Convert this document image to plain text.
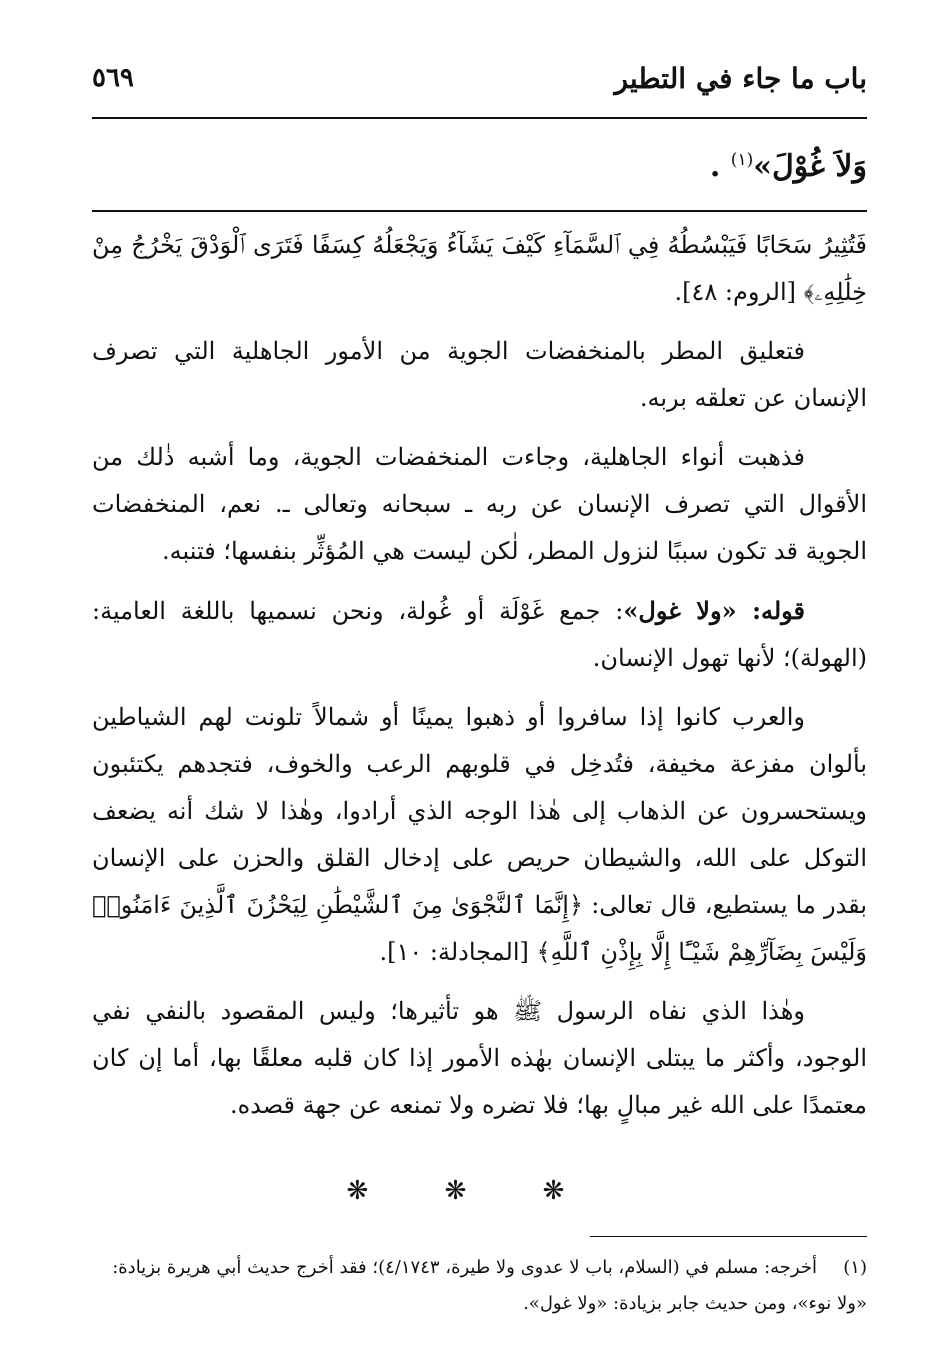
باب ما جاء في التطير
٥٦٩
وَلاَ غُوْلَ»$^{(١)}$ .

فَتُثِيرُ سَحَابًا فَيَبْسُطُهُ فِي ٱلسَّمَآءِ كَيْفَ يَشَآءُ وَيَجْعَلُهُ كِسَفًا فَتَرَى ٱلْوَدْقَ يَخْرُجُ مِنْ خِلَٰلِهِۦ﴾ [الروم: ٤٨].

فتعليق المطر بالمنخفضات الجوية من الأمور الجاهلية التي تصرف الإنسان عن تعلقه بربه.

فذهبت أنواء الجاهلية، وجاءت المنخفضات الجوية، وما أشبه ذٰلك من الأقوال التي تصرف الإنسان عن ربه ـ سبحانه وتعالى ـ. نعم، المنخفضات الجوية قد تكون سببًا لنزول المطر، لٰكن ليست هي المُؤثِّر بنفسها؛ فتنبه.

قوله: «ولا غول»: جمع غَوْلَة أو غُولة، ونحن نسميها باللغة العامية: (الهولة)؛ لأنها تهول الإنسان.

والعرب كانوا إذا سافروا أو ذهبوا يمينًا أو شمالاً تلونت لهم الشياطين بألوان مفزعة مخيفة، فتُدخِل في قلوبهم الرعب والخوف، فتجدهم يكتئبون ويستحسرون عن الذهاب إلى هٰذا الوجه الذي أرادوا، وهٰذا لا شك أنه يضعف التوكل على الله، والشيطان حريص على إدخال القلق والحزن على الإنسان بقدر ما يستطيع، قال تعالى: ﴿إِنَّمَا ٱلنَّجْوَىٰ مِنَ ٱلشَّيْطَٰنِ لِيَحْزُنَ ٱلَّذِينَ ءَامَنُوا۟ وَلَيْسَ بِضَآرِّهِمْ شَيْـًٔا إِلَّا بِإِذْنِ ٱللَّهِ﴾ [المجادلة: ١٠].

وهٰذا الذي نفاه الرسول ﷺ هو تأثيرها؛ وليس المقصود بالنفي نفي الوجود، وأكثر ما يبتلى الإنسان بهٰذه الأمور إذا كان قلبه معلقًا بها، أما إن كان معتمدًا على الله غير مبالٍ بها؛ فلا تضره ولا تمنعه عن جهة قصده.

❋ ❋ ❋
(١)أخرجه: مسلم في (السلام، باب لا عدوى ولا طيرة، ٤/١٧٤٣)؛ فقد أخرج حديث أبي هريرة بزيادة: «ولا نوء»، ومن حديث جابر بزيادة: «ولا غول».
